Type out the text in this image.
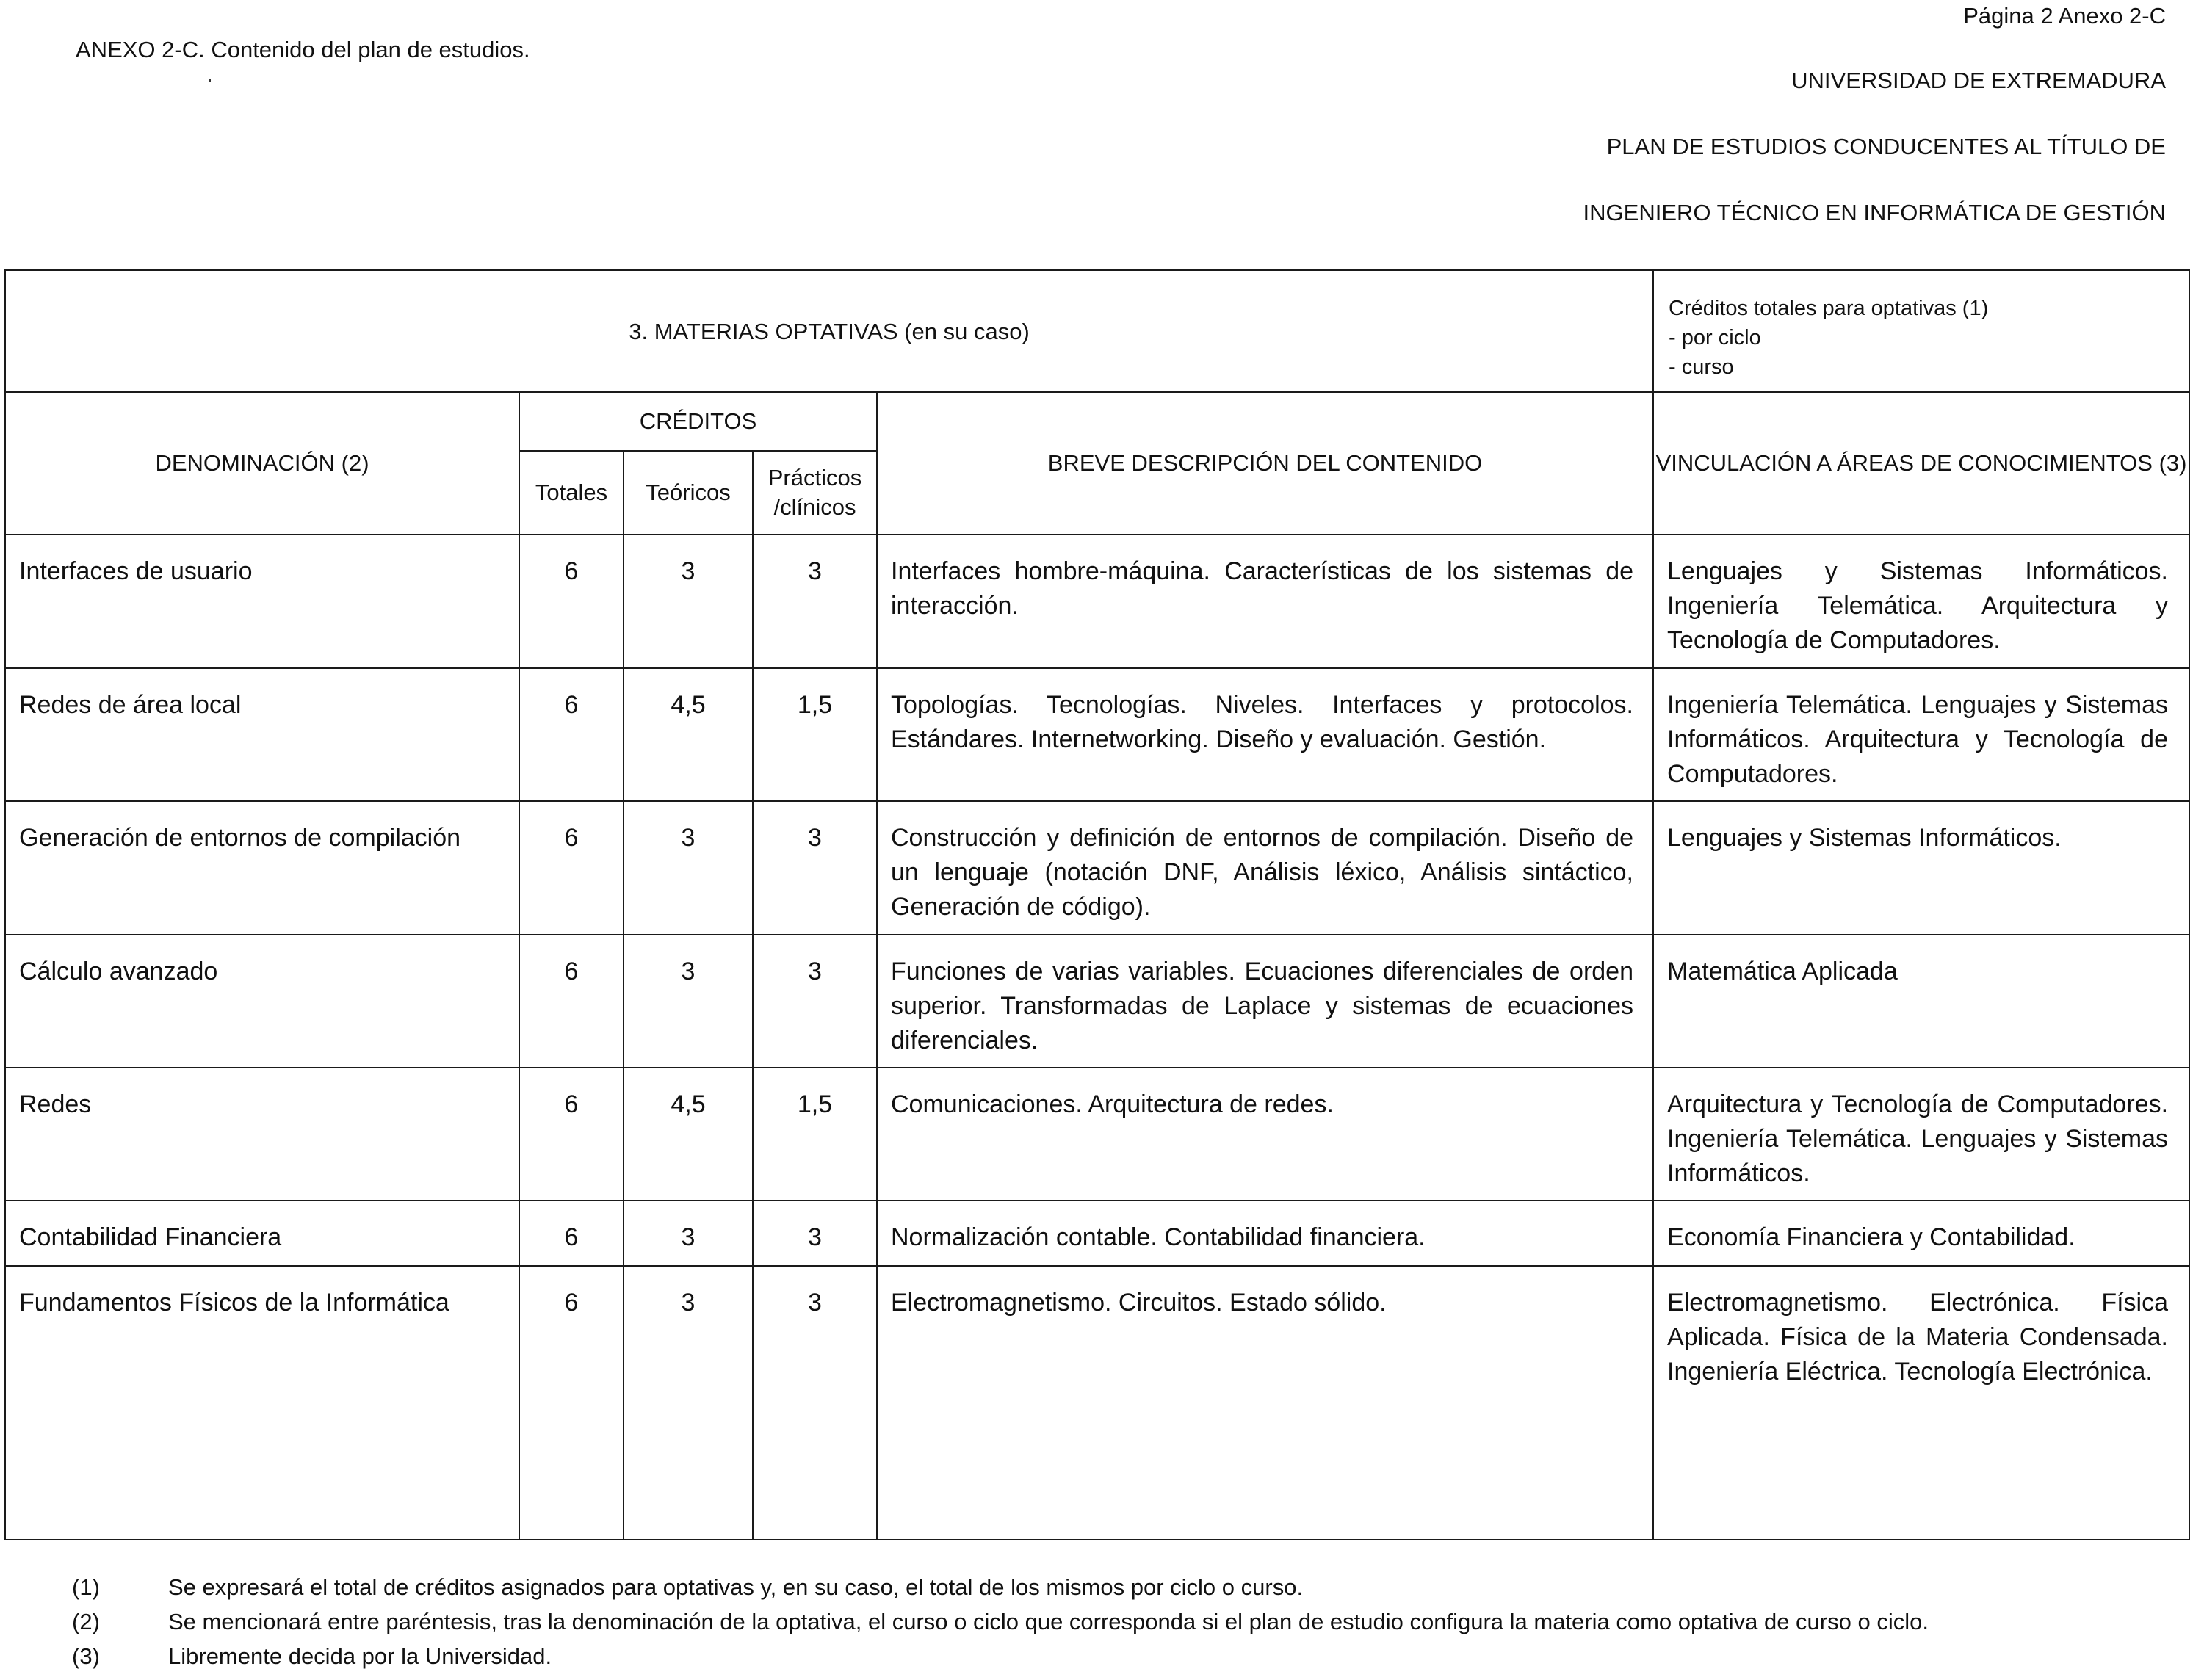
ANEXO 2-C. Contenido del plan de estudios.
Página 2 Anexo 2-C
UNIVERSIDAD DE EXTREMADURA
PLAN DE ESTUDIOS CONDUCENTES AL TÍTULO DE
INGENIERO TÉCNICO EN INFORMÁTICA DE GESTIÓN
3. MATERIAS OPTATIVAS (en su caso)					Créditos totales para optativas (1)
- por ciclo
- curso

DENOMINACIÓN (2)	CRÉDITOS			BREVE DESCRIPCIÓN DEL CONTENIDO	VINCULACIÓN A ÁREAS DE CONOCIMIENTOS (3)
	Totales	Teóricos	Prácticos
/clínicos		

Interfaces de usuario	6	3	3	Interfaces hombre-máquina. Características de los sistemas de interacción.	Lenguajes y Sistemas Informáticos. Ingeniería Telemática. Arquitectura y Tecnología de Computadores.
Redes de área local	6	4,5	1,5	Topologías. Tecnologías. Niveles. Interfaces y protocolos. Estándares. Internetworking. Diseño y evaluación. Gestión.	Ingeniería Telemática. Lenguajes y Sistemas Informáticos. Arquitectura y Tecnología de Computadores.
Generación de entornos de compilación	6	3	3	Construcción y definición de entornos de compilación. Diseño de un lenguaje (notación DNF, Análisis léxico, Análisis sintáctico, Generación de código).	Lenguajes y Sistemas Informáticos.
Cálculo avanzado	6	3	3	Funciones de varias variables. Ecuaciones diferenciales de orden superior. Transformadas de Laplace y sistemas de ecuaciones diferenciales.	Matemática Aplicada
Redes	6	4,5	1,5	Comunicaciones. Arquitectura de redes.	Arquitectura y Tecnología de Computadores. Ingeniería Telemática. Lenguajes y Sistemas Informáticos.
Contabilidad Financiera	6	3	3	Normalización contable. Contabilidad financiera.	Economía Financiera y Contabilidad.
Fundamentos Físicos de la Informática	6	3	3	Electromagnetismo. Circuitos. Estado sólido.	Electromagnetismo. Electrónica. Física Aplicada. Física de la Materia Condensada. Ingeniería Eléctrica. Tecnología Electrónica.
(1)	Se expresará el total de créditos asignados para optativas y, en su caso, el total de los mismos por ciclo o curso.
(2)	Se mencionará entre paréntesis, tras la denominación de la optativa, el curso o ciclo que corresponda si el plan de estudio configura la materia como optativa de curso o ciclo.
(3)	Libremente decida por la Universidad.
